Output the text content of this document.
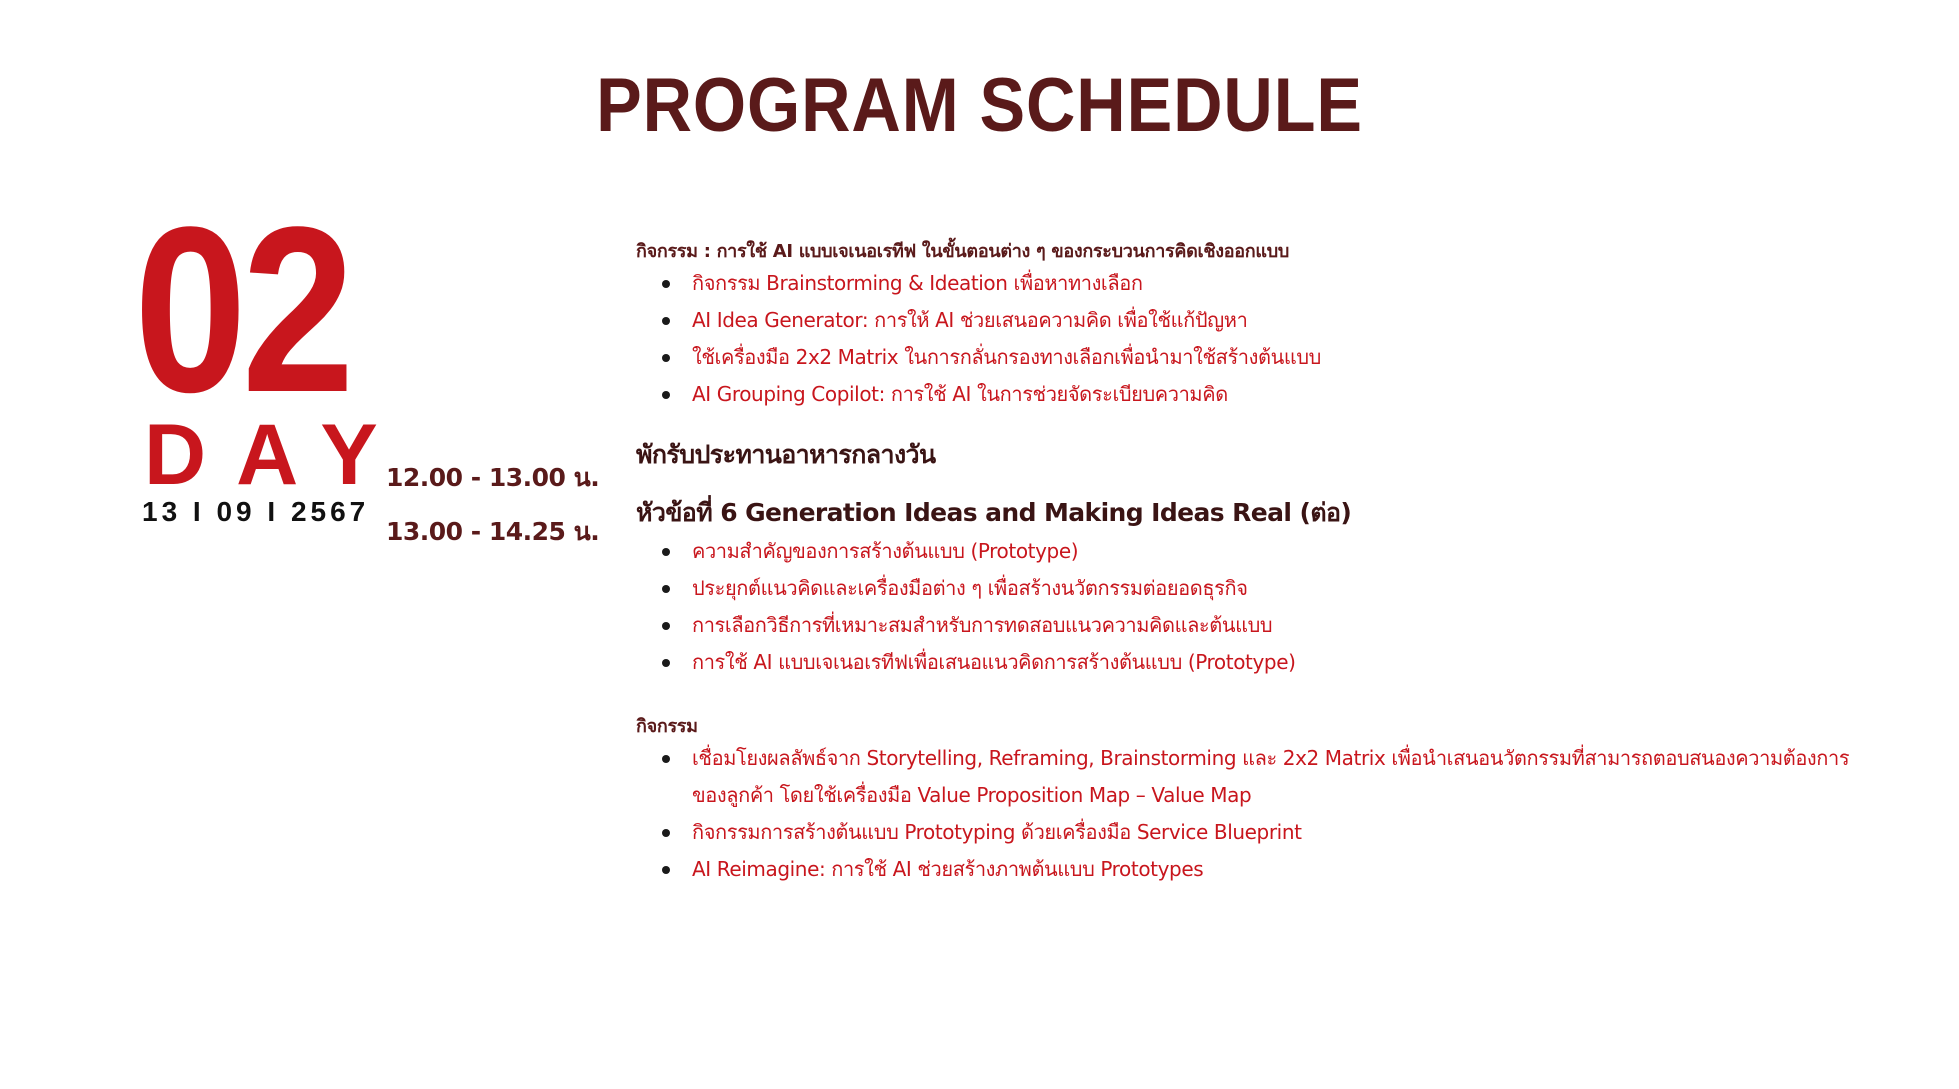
PROGRAM SCHEDULE
02
DAY
13 I 09 I 2567
12.00 - 13.00 น.
13.00 - 14.25 น.
กิจกรรม : การใช้ AI แบบเจเนอเรทีฟ ในขั้นตอนต่าง ๆ ของกระบวนการคิดเชิงออกแบบ
กิจกรรม Brainstorming & Ideation เพื่อหาทางเลือก
AI Idea Generator: การให้ AI ช่วยเสนอความคิด เพื่อใช้แก้ปัญหา
ใช้เครื่องมือ 2x2 Matrix ในการกลั่นกรองทางเลือกเพื่อนำมาใช้สร้างต้นแบบ
AI Grouping Copilot: การใช้ AI ในการช่วยจัดระเบียบความคิด
พักรับประทานอาหารกลางวัน
หัวข้อที่ 6 Generation Ideas and Making Ideas Real (ต่อ)
ความสำคัญของการสร้างต้นแบบ (Prototype)
ประยุกต์แนวคิดและเครื่องมือต่าง ๆ เพื่อสร้างนวัตกรรมต่อยอดธุรกิจ
การเลือกวิธีการที่เหมาะสมสำหรับการทดสอบแนวความคิดและต้นแบบ
การใช้ AI แบบเจเนอเรทีฟเพื่อเสนอแนวคิดการสร้างต้นแบบ (Prototype)
กิจกรรม
เชื่อมโยงผลลัพธ์จาก Storytelling, Reframing, Brainstorming และ 2x2 Matrix เพื่อนำเสนอนวัตกรรมที่สามารถตอบสนองความต้องการของลูกค้า โดยใช้เครื่องมือ Value Proposition Map – Value Map
กิจกรรมการสร้างต้นแบบ Prototyping ด้วยเครื่องมือ Service Blueprint
AI Reimagine: การใช้ AI ช่วยสร้างภาพต้นแบบ Prototypes
